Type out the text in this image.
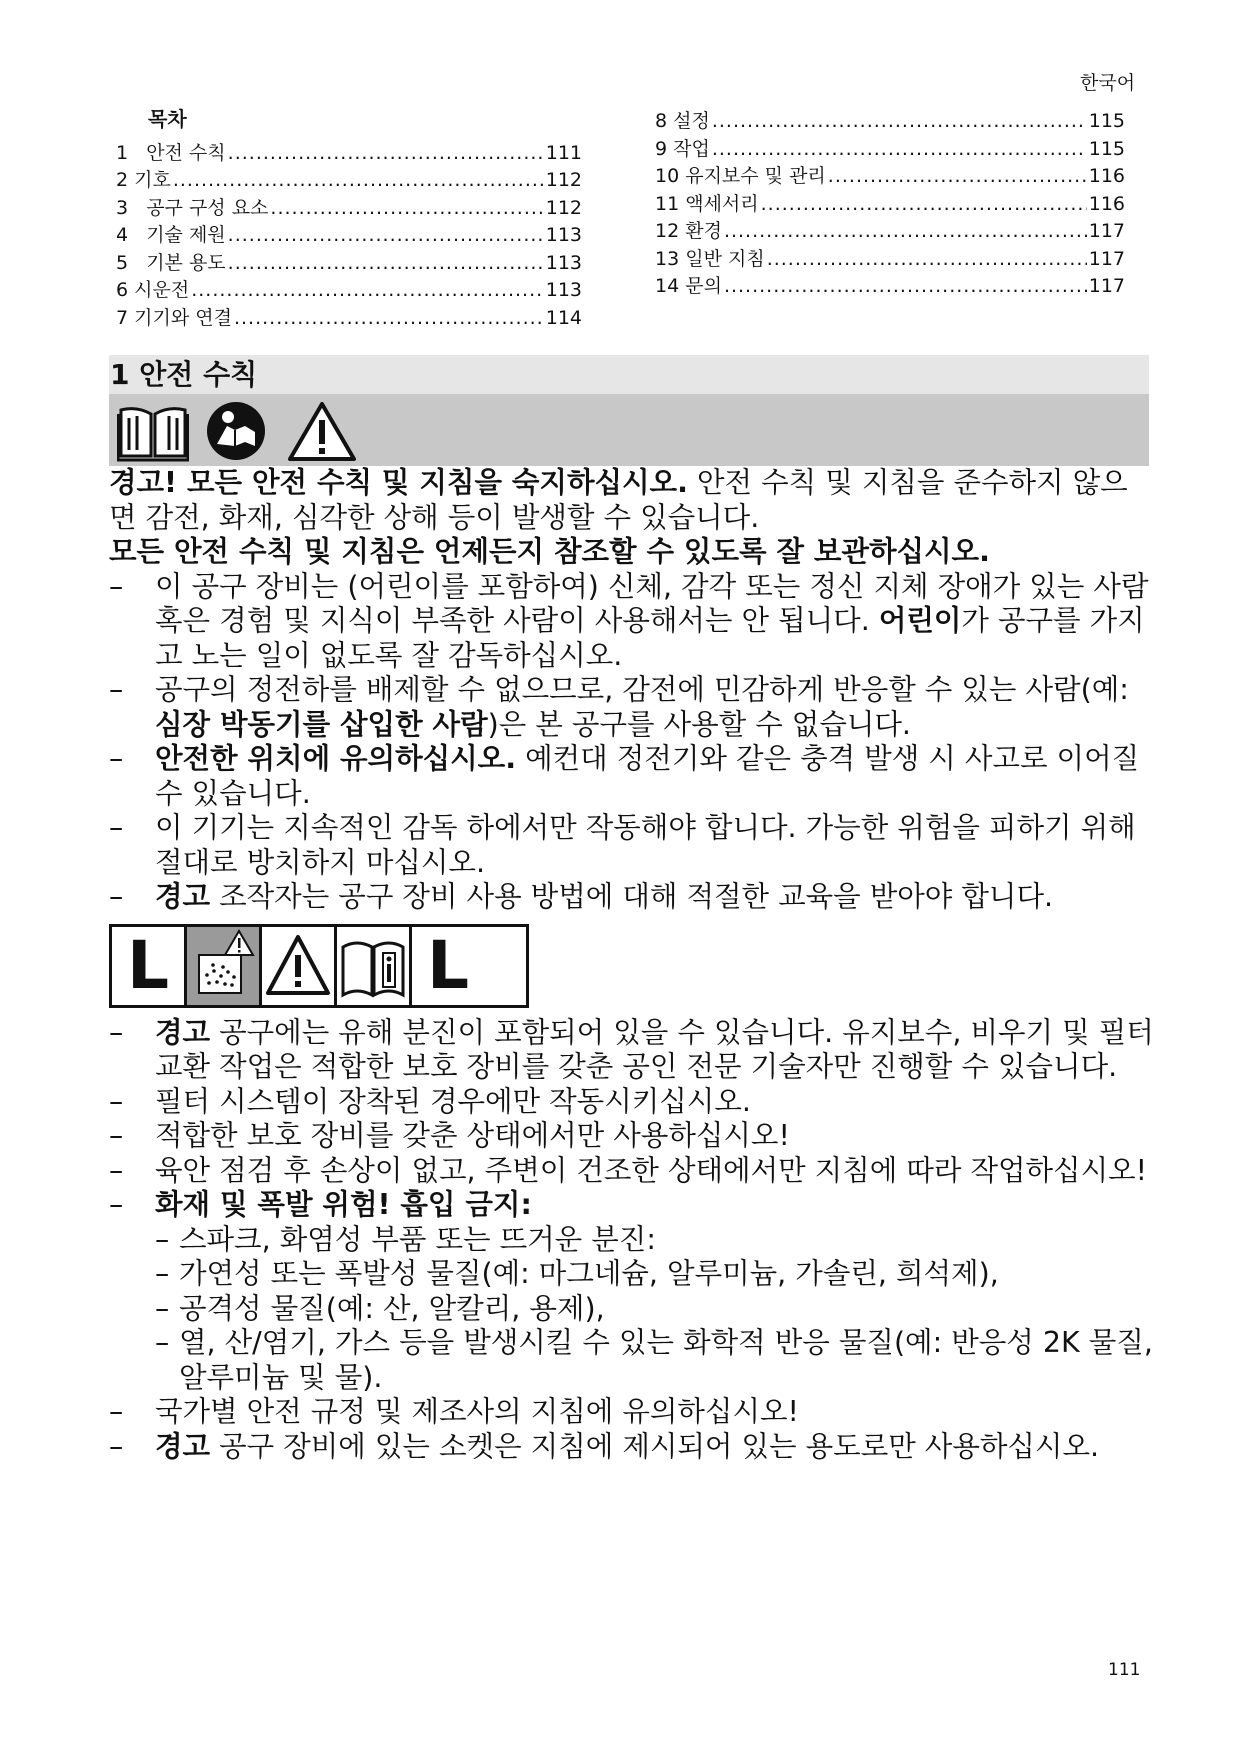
한국어
목차
1   안전 수칙 .....	111
2 기호 .....	112
3   공구 구성 요소 .....	112
4   기술 제원 .....	113
5   기본 용도 .....	113
6 시운전 .....	113
7 기기와 연결 .....	114
8 설정 .....	115
9 작업 .....	115
10 유지보수 및 관리 .....	116
11 액세서리 .....	116
12 환경 .....	117
13 일반 지침 .....	117
14 문의 .....	117
1 안전 수칙

경고! 모든 안전 수칙 및 지침을 숙지하십시오. 안전 수칙 및 지침을 준수하지 않으면 감전, 화재, 심각한 상해 등이 발생할 수 있습니다.

모든 안전 수칙 및 지침은 언제든지 참조할 수 있도록 잘 보관하십시오.

–	이 공구 장비는 (어린이를 포함하여) 신체, 감각 또는 정신 지체 장애가 있는 사람 혹은 경험 및 지식이 부족한 사람이 사용해서는 안 됩니다. 어린이가 공구를 가지고 노는 일이 없도록 잘 감독하십시오.
–	공구의 정전하를 배제할 수 없으므로, 감전에 민감하게 반응할 수 있는 사람(예: 심장 박동기를 삽입한 사람)은 본 공구를 사용할 수 없습니다.
–	안전한 위치에 유의하십시오. 예컨대 정전기와 같은 충격 발생 시 사고로 이어질 수 있습니다.
–	이 기기는 지속적인 감독 하에서만 작동해야 합니다. 가능한 위험을 피하기 위해 절대로 방치하지 마십시오.
–	경고 조작자는 공구 장비 사용 방법에 대해 적절한 교육을 받아야 합니다.
L	L
–	경고 공구에는 유해 분진이 포함되어 있을 수 있습니다. 유지보수, 비우기 및 필터 교환 작업은 적합한 보호 장비를 갖춘 공인 전문 기술자만 진행할 수 있습니다.
–	필터 시스템이 장착된 경우에만 작동시키십시오.
–	적합한 보호 장비를 갖춘 상태에서만 사용하십시오!
–	육안 점검 후 손상이 없고, 주변이 건조한 상태에서만 지침에 따라 작업하십시오!
–	화재 및 폭발 위험! 흡입 금지:
– 스파크, 화염성 부품 또는 뜨거운 분진:
– 가연성 또는 폭발성 물질(예: 마그네슘, 알루미늄, 가솔린, 희석제),
– 공격성 물질(예: 산, 알칼리, 용제),
– 열, 산/염기, 가스 등을 발생시킬 수 있는 화학적 반응 물질(예: 반응성 2K 물질, 알루미늄 및 물).
–	국가별 안전 규정 및 제조사의 지침에 유의하십시오!
–	경고 공구 장비에 있는 소켓은 지침에 제시되어 있는 용도로만 사용하십시오.
111
